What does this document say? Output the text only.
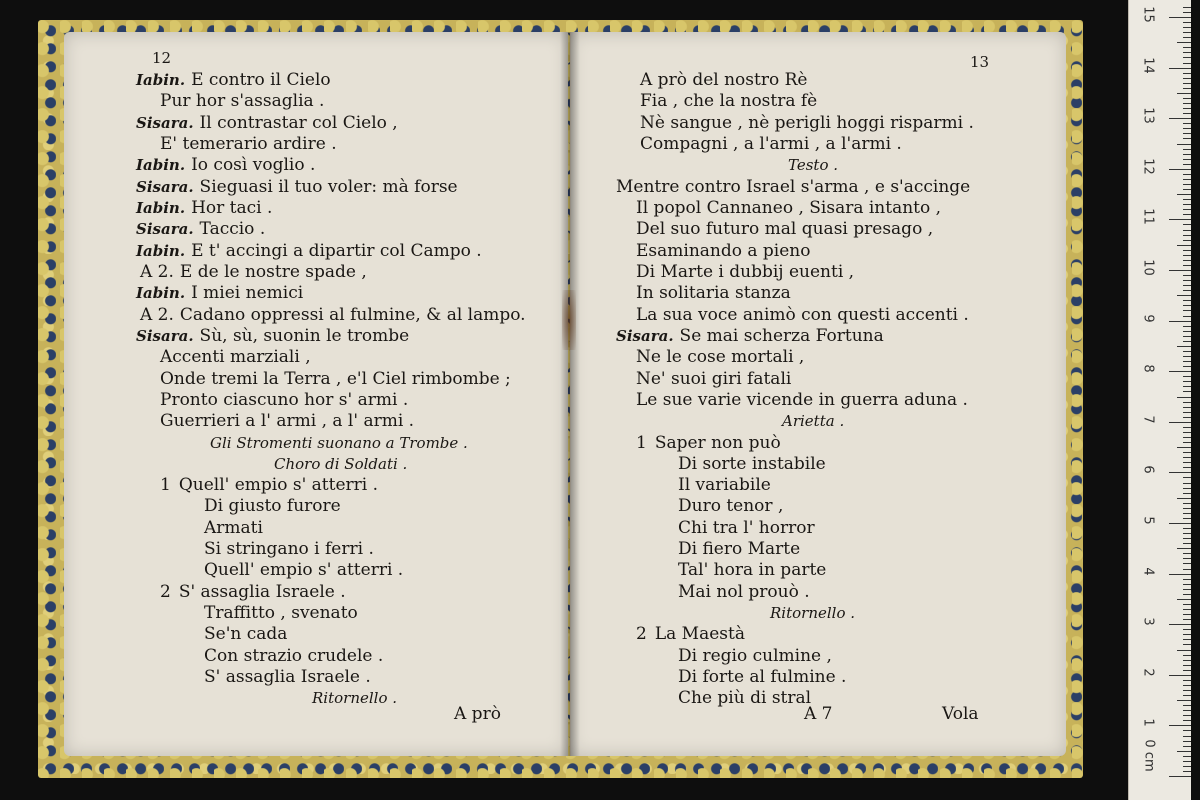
12
Iabin. E contro il Cielo
Pur hor s'assaglia .
Sisara. Il contrastar col Cielo ,
E' temerario ardire .
Iabin. Io così voglio .
Sisara. Sieguasi il tuo voler: mà forse
Iabin. Hor taci .
Sisara. Taccio .
Iabin. E t' accingi a dipartir col Campo .
A 2. E de le nostre spade ,
Iabin. I miei nemici
A 2. Cadano oppressi al fulmine, & al lampo.
Sisara. Sù, sù, suonin le trombe
Accenti marziali ,
Onde tremi la Terra , e'l Ciel rimbombe ;
Pronto ciascuno hor s' armi .
Guerrieri a l' armi , a l' armi .
Gli Stromenti suonano a Trombe .
Choro di Soldati .
1 Quell' empio s' atterri .
Di giusto furore
Armati
Si stringano i ferri .
Quell' empio s' atterri .
2 S' assaglia Israele .
Traffitto , svenato
Se'n cada
Con strazio crudele .
S' assaglia Israele .
Ritornello .
A prò
13
A prò del nostro Rè
Fia , che la nostra fè
Nè sangue , nè perigli hoggi risparmi .
Compagni , a l'armi , a l'armi .
Testo .
Mentre contro Israel s'arma , e s'accinge
Il popol Cannaneo , Sisara intanto ,
Del suo futuro mal quasi presago ,
Esaminando a pieno
Di Marte i dubbij euenti ,
In solitaria stanza
La sua voce animò con questi accenti .
Sisara. Se mai scherza Fortuna
Ne le cose mortali ,
Ne' suoi giri fatali
Le sue varie vicende in guerra aduna .
Arietta .
1 Saper non può
Di sorte instabile
Il variabile
Duro tenor ,
Chi tra l' horror
Di fiero Marte
Tal' hora in parte
Mai nol prouò .
Ritornello .
2 La Maestà
Di regio culmine ,
Di forte al fulmine .
Che più di stral
A 7	Vola
0 cm
1
2
3
4
5
6
7
8
9
10
11
12
13
14
15
